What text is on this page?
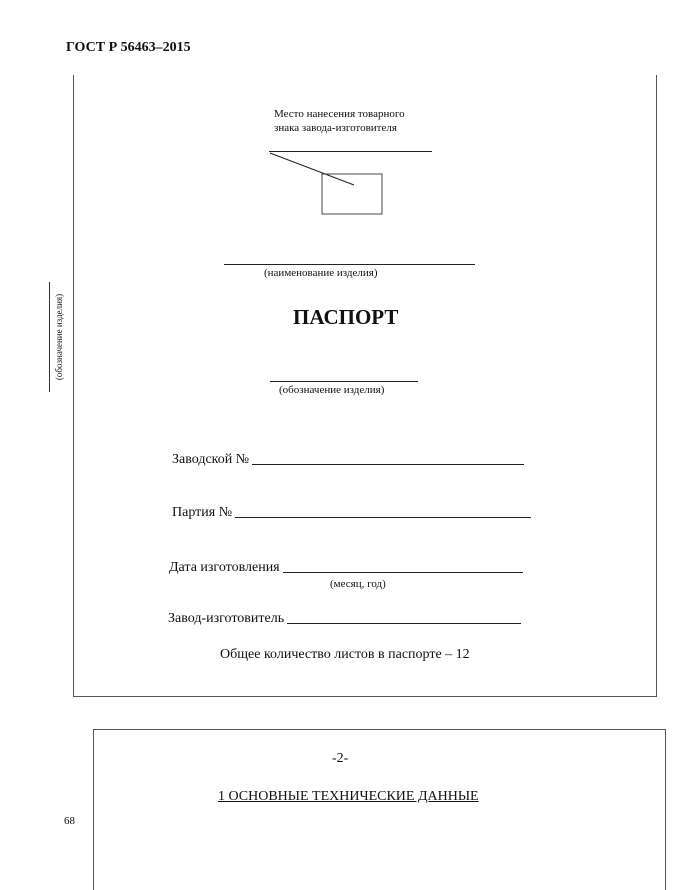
ГОСТ Р 56463–2015
(обозначение изделия)
Место нанесения товарного
знака завода-изготовителя
(наименование изделия)
ПАСПОРТ
(обозначение изделия)
Заводской №
Партия №
Дата изготовления
(месяц, год)
Завод-изготовитель
Общее количество листов в паспорте – 12
-2-
1 ОСНОВНЫЕ ТЕХНИЧЕСКИЕ ДАННЫЕ
68
